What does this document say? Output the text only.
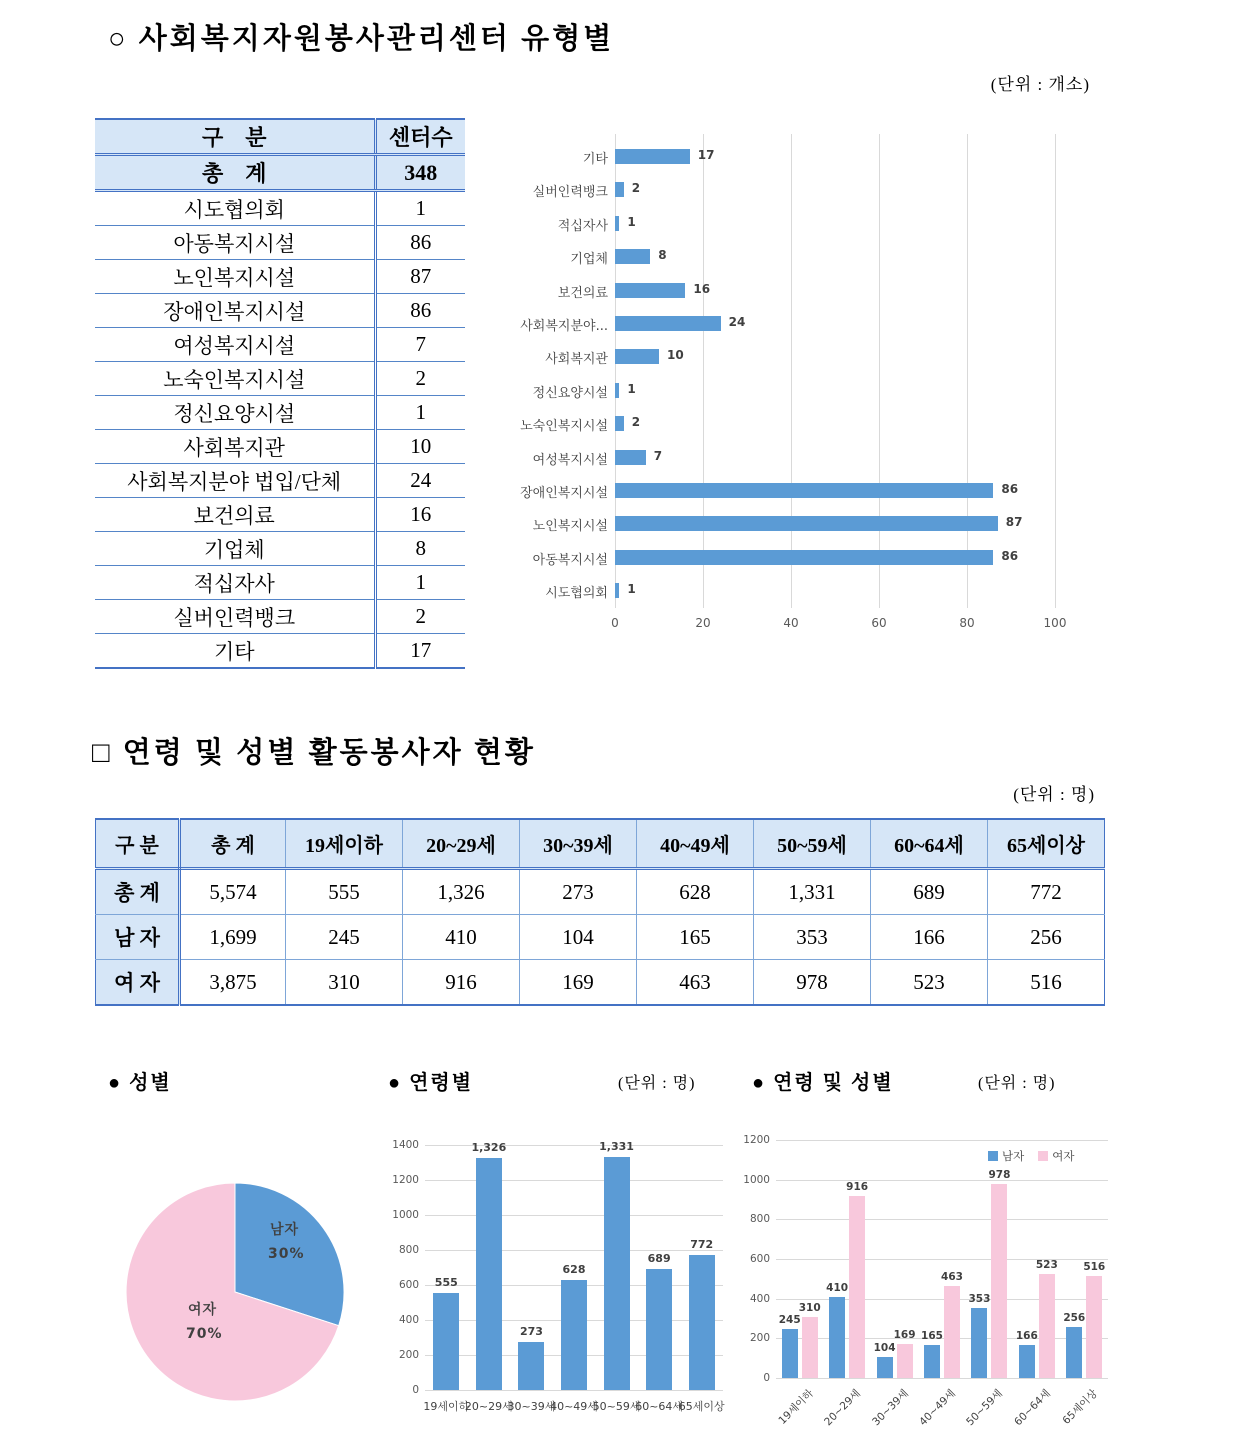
○ 사회복지자원봉사관리센터 유형별
(단위 : 개소)
구    분	센터수
총    계	348
시도협의회	1
아동복지시설	86
노인복지시설	87
장애인복지시설	86
여성복지시설	7
노숙인복지시설	2
정신요양시설	1
사회복지관	10
사회복지분야 법입/단체	24
보건의료	16
기업체	8
적십자사	1
실버인력뱅크	2
기타	17
0	20	40	60	80	100
기타	17
실버인력뱅크 2
적십자사 1
기업체	8
보건의료	16
사회복지분야...	24
사회복지관	10
정신요양시설 1
노숙인복지시설 2
여성복지시설	7
장애인복지시설	86
노인복지시설	87
아동복지시설	86
시도협의회 1
□ 연령 및 성별 활동봉사자 현황
(단위 : 명)
구 분	총 계	19세이하	20~29세	30~39세	40~49세	50~59세	60~64세	65세이상
총 계	5,574	555	1,326	273	628	1,331	689	772
남 자	1,699	245	410	104	165	353	166	256
여 자	3,875	310	916	169	463	978	523	516
● 성별	● 연령별	(단위 : 명)	● 연령 및 성별	(단위 : 명)
남자
30%
여자
70%
0
200
400
600
800
1000
1200
1400
555
19세이하
1,326
20~29세
273
30~39세
628
40~49세
1,331
50~59세
689
60~64세
772
65세이상
0
200
400
600
800
1000
1200
남자 여자
245
310
19세이하
410
916
20~29세
104
169
30~39세
165
463
40~49세
353
978
50~59세
166
523
60~64세
256
516
65세이상
